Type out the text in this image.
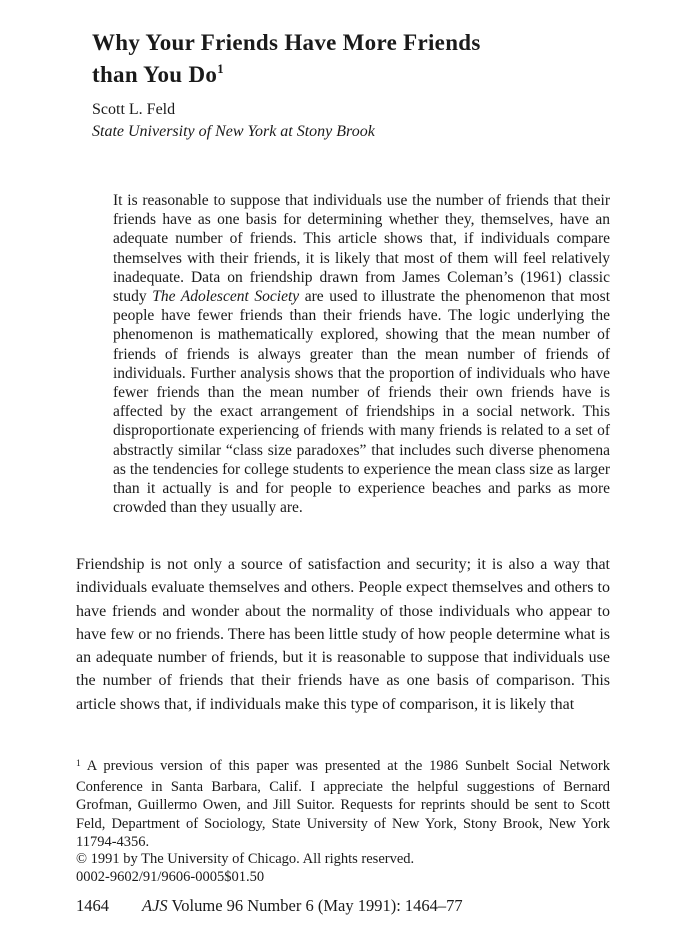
Why Your Friends Have More Friends
than You Do$^1$
Scott L. Feld
State University of New York at Stony Brook
It is reasonable to suppose that individuals use the number of friends that their friends have as one basis for determining whether they, themselves, have an adequate number of friends. This article shows that, if individuals compare themselves with their friends, it is likely that most of them will feel relatively inadequate. Data on friendship drawn from James Coleman’s (1961) classic study The Adolescent Society are used to illustrate the phenomenon that most people have fewer friends than their friends have. The logic underlying the phenomenon is mathematically explored, showing that the mean number of friends of friends is always greater than the mean number of friends of individuals. Further analysis shows that the proportion of individuals who have fewer friends than the mean number of friends their own friends have is affected by the exact arrangement of friendships in a social network. This disproportionate experiencing of friends with many friends is related to a set of abstractly similar “class size paradoxes” that includes such diverse phenomena as the tendencies for college students to experience the mean class size as larger than it actually is and for people to experience beaches and parks as more crowded than they usually are.

Friendship is not only a source of satisfaction and security; it is also a way that individuals evaluate themselves and others. People expect themselves and others to have friends and wonder about the normality of those individuals who appear to have few or no friends. There has been little study of how people determine what is an adequate number of friends, but it is reasonable to suppose that individuals use the number of friends that their friends have as one basis of comparison. This article shows that, if individuals make this type of comparison, it is likely that

$^1$ A previous version of this paper was presented at the 1986 Sunbelt Social Network Conference in Santa Barbara, Calif. I appreciate the helpful suggestions of Bernard Grofman, Guillermo Owen, and Jill Suitor. Requests for reprints should be sent to Scott Feld, Department of Sociology, State University of New York, Stony Brook, New York 11794-4356.
© 1991 by The University of Chicago. All rights reserved.
0002-9602/91/9606-0005$01.50
1464 AJS Volume 96 Number 6 (May 1991): 1464–77
